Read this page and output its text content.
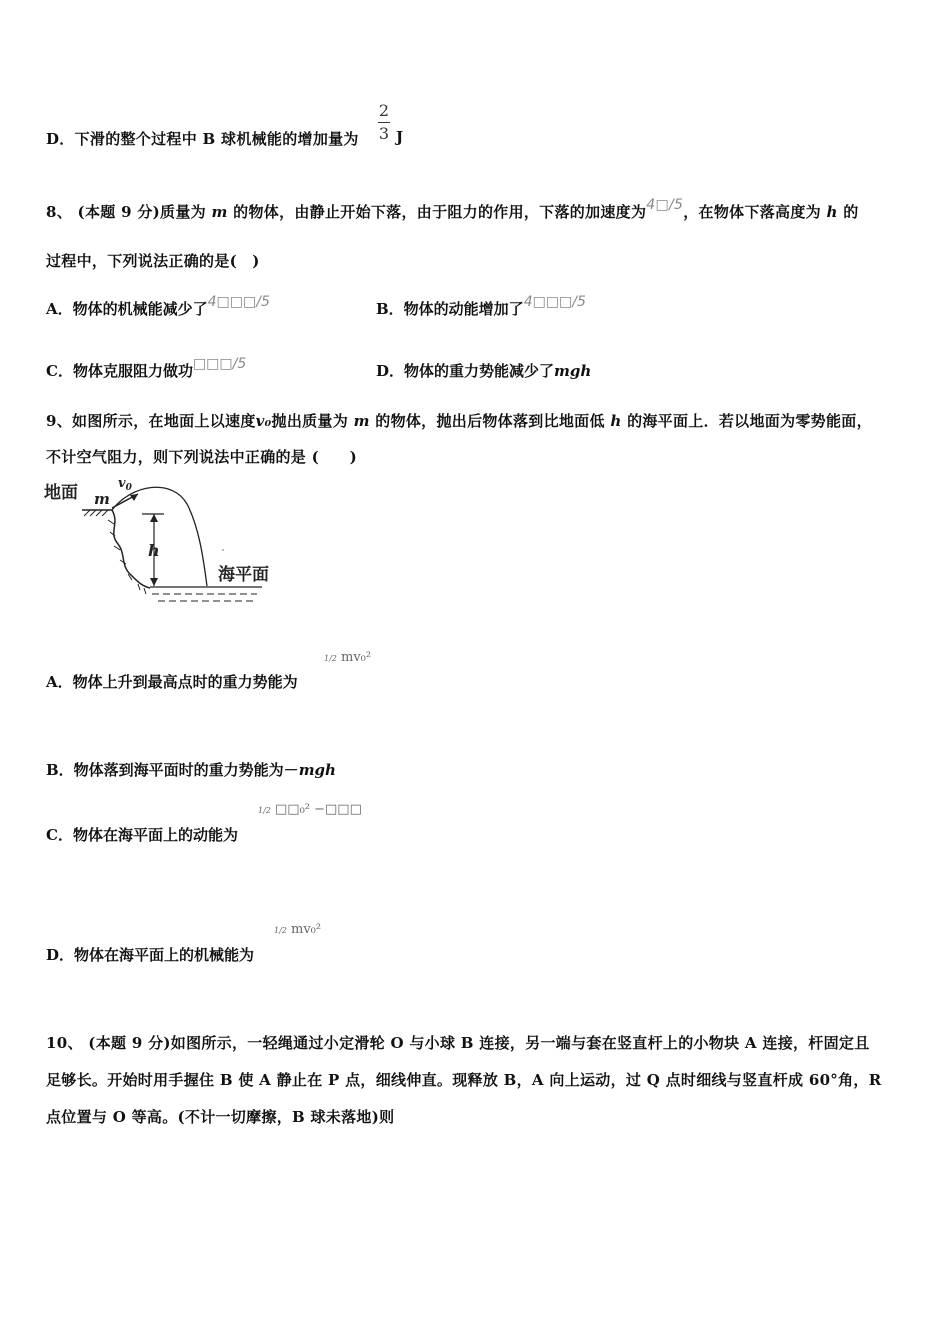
D．下滑的整个过程中 B 球机械能的增加量为
2
3 J
8、 (本题 9 分)质量为 m 的物体，由静止开始下落，由于阻力的作用，下落的加速度为4□/5，在物体下落高度为 h 的
过程中，下列说法正确的是(　)
A．物体的机械能减少了4□□□/5	B．物体的动能增加了4□□□/5
C．物体克服阻力做功□□□/5	D．物体的重力势能减少了mgh
9、如图所示，在地面上以速度v₀抛出质量为 m 的物体，抛出后物体落到比地面低 h 的海平面上．若以地面为零势能面，
不计空气阻力，则下列说法中正确的是 (　　)
地面 m
$v_0$
h
海平面
A．物体上升到最高点时的重力势能为
1/2 mv₀²
B．物体落到海平面时的重力势能为－mgh
C．物体在海平面上的动能为
1/2 □□₀² −□□□
D．物体在海平面上的机械能为
1/2 mv₀²
10、 (本题 9 分)如图所示，一轻绳通过小定滑轮 O 与小球 B 连接，另一端与套在竖直杆上的小物块 A 连接，杆固定且
足够长。开始时用手握住 B 使 A 静止在 P 点，细线伸直。现释放 B，A 向上运动，过 Q 点时细线与竖直杆成 60°角，R
点位置与 O 等高。(不计一切摩擦，B 球未落地)则
